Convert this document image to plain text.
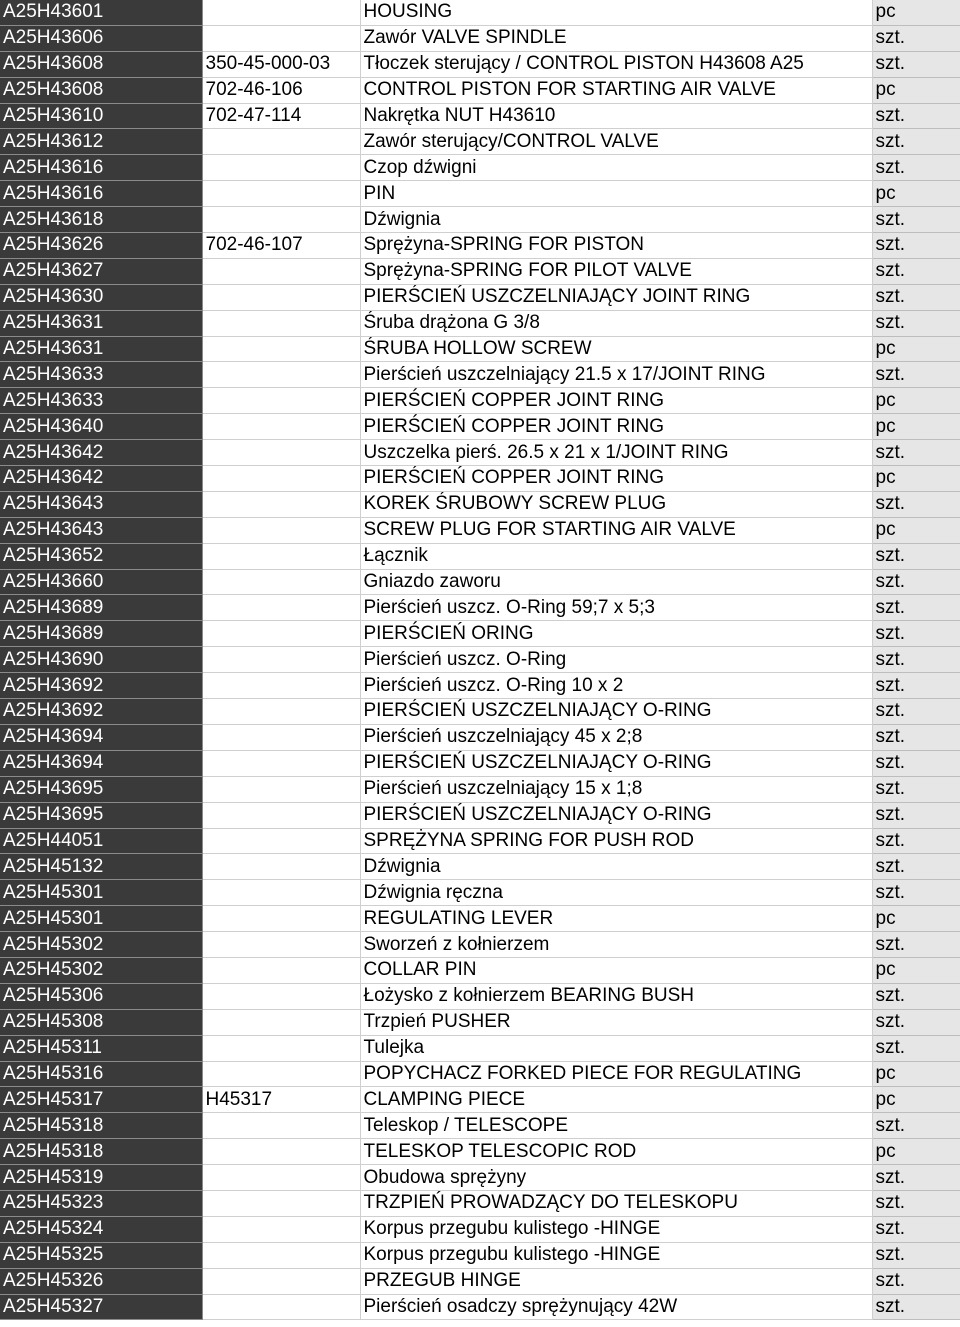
A25H43601		HOUSING	pc
A25H43606		Zawór VALVE SPINDLE	szt.
A25H43608	350-45-000-03	Tłoczek sterujący / CONTROL PISTON H43608 A25	szt.
A25H43608	702-46-106	CONTROL PISTON FOR STARTING AIR VALVE	pc
A25H43610	702-47-114	Nakrętka NUT H43610	szt.
A25H43612		Zawór sterujący/CONTROL VALVE	szt.
A25H43616		Czop dźwigni	szt.
A25H43616		PIN	pc
A25H43618		Dźwignia	szt.
A25H43626	702-46-107	Sprężyna-SPRING FOR PISTON	szt.
A25H43627		Sprężyna-SPRING FOR PILOT VALVE	szt.
A25H43630		PIERŚCIEŃ USZCZELNIAJĄCY JOINT RING	szt.
A25H43631		Śruba drążona G 3/8	szt.
A25H43631		ŚRUBA HOLLOW SCREW	pc
A25H43633		Pierścień uszczelniający 21.5 x 17/JOINT RING	szt.
A25H43633		PIERŚCIEŃ COPPER JOINT RING	pc
A25H43640		PIERŚCIEŃ COPPER JOINT RING	pc
A25H43642		Uszczelka pierś. 26.5 x 21 x 1/JOINT RING	szt.
A25H43642		PIERŚCIEŃ COPPER JOINT RING	pc
A25H43643		KOREK ŚRUBOWY SCREW PLUG	szt.
A25H43643		SCREW PLUG FOR STARTING AIR VALVE	pc
A25H43652		Łącznik	szt.
A25H43660		Gniazdo zaworu	szt.
A25H43689		Pierścień uszcz. O-Ring 59;7 x 5;3	szt.
A25H43689		PIERŚCIEŃ ORING	szt.
A25H43690		Pierścień uszcz. O-Ring	szt.
A25H43692		Pierścień uszcz. O-Ring 10 x 2	szt.
A25H43692		PIERŚCIEŃ USZCZELNIAJĄCY O-RING	szt.
A25H43694		Pierścień uszczelniający 45 x 2;8	szt.
A25H43694		PIERŚCIEŃ USZCZELNIAJĄCY O-RING	szt.
A25H43695		Pierścień uszczelniający 15 x 1;8	szt.
A25H43695		PIERŚCIEŃ USZCZELNIAJĄCY O-RING	szt.
A25H44051		SPRĘŻYNA SPRING FOR PUSH ROD	szt.
A25H45132		Dźwignia	szt.
A25H45301		Dźwignia ręczna	szt.
A25H45301		REGULATING LEVER	pc
A25H45302		Sworzeń z kołnierzem	szt.
A25H45302		COLLAR PIN	pc
A25H45306		Łożysko z kołnierzem BEARING BUSH	szt.
A25H45308		Trzpień PUSHER	szt.
A25H45311		Tulejka	szt.
A25H45316		POPYCHACZ FORKED PIECE FOR REGULATING	pc
A25H45317	H45317	CLAMPING PIECE	pc
A25H45318		Teleskop / TELESCOPE	szt.
A25H45318		TELESKOP TELESCOPIC ROD	pc
A25H45319		Obudowa sprężyny	szt.
A25H45323		TRZPIEŃ PROWADZĄCY DO TELESKOPU	szt.
A25H45324		Korpus przegubu kulistego -HINGE	szt.
A25H45325		Korpus przegubu kulistego -HINGE	szt.
A25H45326		PRZEGUB HINGE	szt.
A25H45327		Pierścień osadczy sprężynujący 42W	szt.
